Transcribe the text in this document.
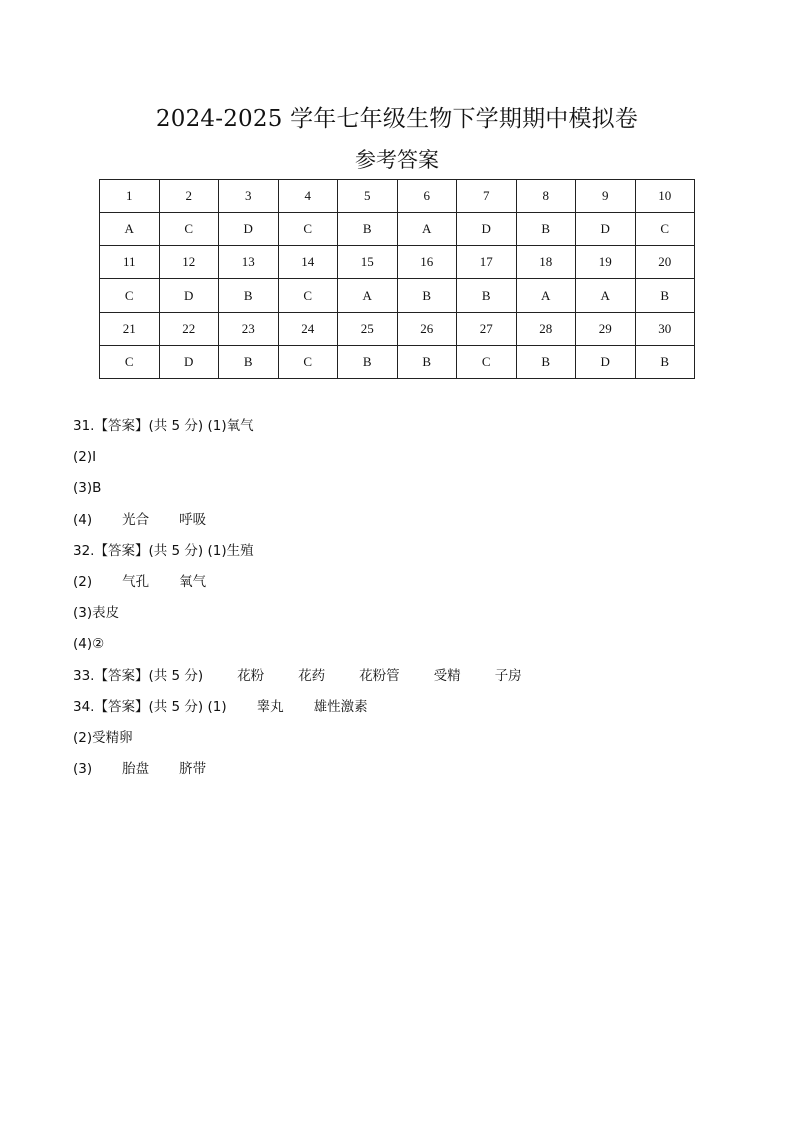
2024-2025 学年七年级生物下学期期中模拟卷
参考答案
1	2	3	4	5	6	7	8	9	10
A	C	D	C	B	A	D	B	D	C
11	12	13	14	15	16	17	18	19	20
C	D	B	C	A	B	B	A	A	B
21	22	23	24	25	26	27	28	29	30
C	D	B	C	B	B	C	B	D	B
31.【答案】(共 5 分) (1)氧气
(2)I
(3)B
(4) 光合 呼吸
32.【答案】(共 5 分) (1)生殖
(2) 气孔 氧气
(3)表皮
(4)②
33.【答案】(共 5 分)	花粉	花药	花粉管	受精	子房
34.【答案】(共 5 分) (1) 睾丸 雄性激素
(2)受精卵
(3) 胎盘 脐带
